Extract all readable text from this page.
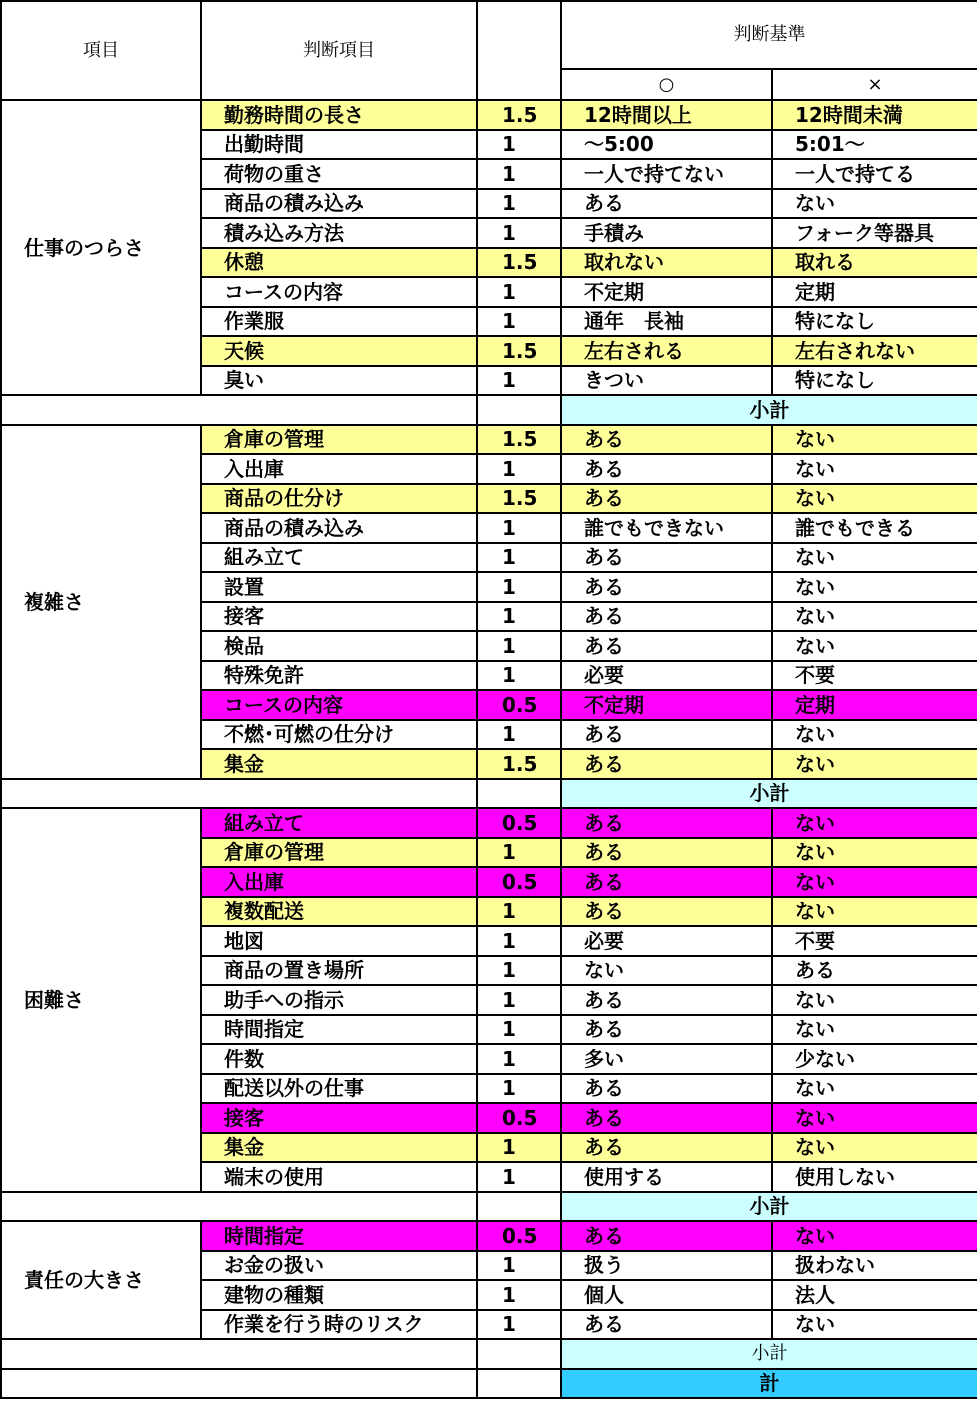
項目	判断項目		判断基準	
			○	×
仕事のつらさ	勤務時間の長さ	1.5	12時間以上	12時間未満
	出勤時間	1	～5:00	5:01～
	荷物の重さ	1	一人で持てない	一人で持てる
	商品の積み込み	1	ある	ない
	積み込み方法	1	手積み	フォーク等器具
	休憩	1.5	取れない	取れる
	コースの内容	1	不定期	定期
	作業服	1	通年　長袖	特になし
	天候	1.5	左右される	左右されない
	臭い	1	きつい	特になし
			小計	
複雑さ	倉庫の管理	1.5	ある	ない
	入出庫	1	ある	ない
	商品の仕分け	1.5	ある	ない
	商品の積み込み	1	誰でもできない	誰でもできる
	組み立て	1	ある	ない
	設置	1	ある	ない
	接客	1	ある	ない
	検品	1	ある	ない
	特殊免許	1	必要	不要
	コースの内容	0.5	不定期	定期
	不燃･可燃の仕分け	1	ある	ない
	集金	1.5	ある	ない
			小計	
困難さ	組み立て	0.5	ある	ない
	倉庫の管理	1	ある	ない
	入出庫	0.5	ある	ない
	複数配送	1	ある	ない
	地図	1	必要	不要
	商品の置き場所	1	ない	ある
	助手への指示	1	ある	ない
	時間指定	1	ある	ない
	件数	1	多い	少ない
	配送以外の仕事	1	ある	ない
	接客	0.5	ある	ない
	集金	1	ある	ない
	端末の使用	1	使用する	使用しない
			小計	
責任の大きさ	時間指定	0.5	ある	ない
	お金の扱い	1	扱う	扱わない
	建物の種類	1	個人	法人
	作業を行う時のリスク	1	ある	ない
			小計	
			計	
